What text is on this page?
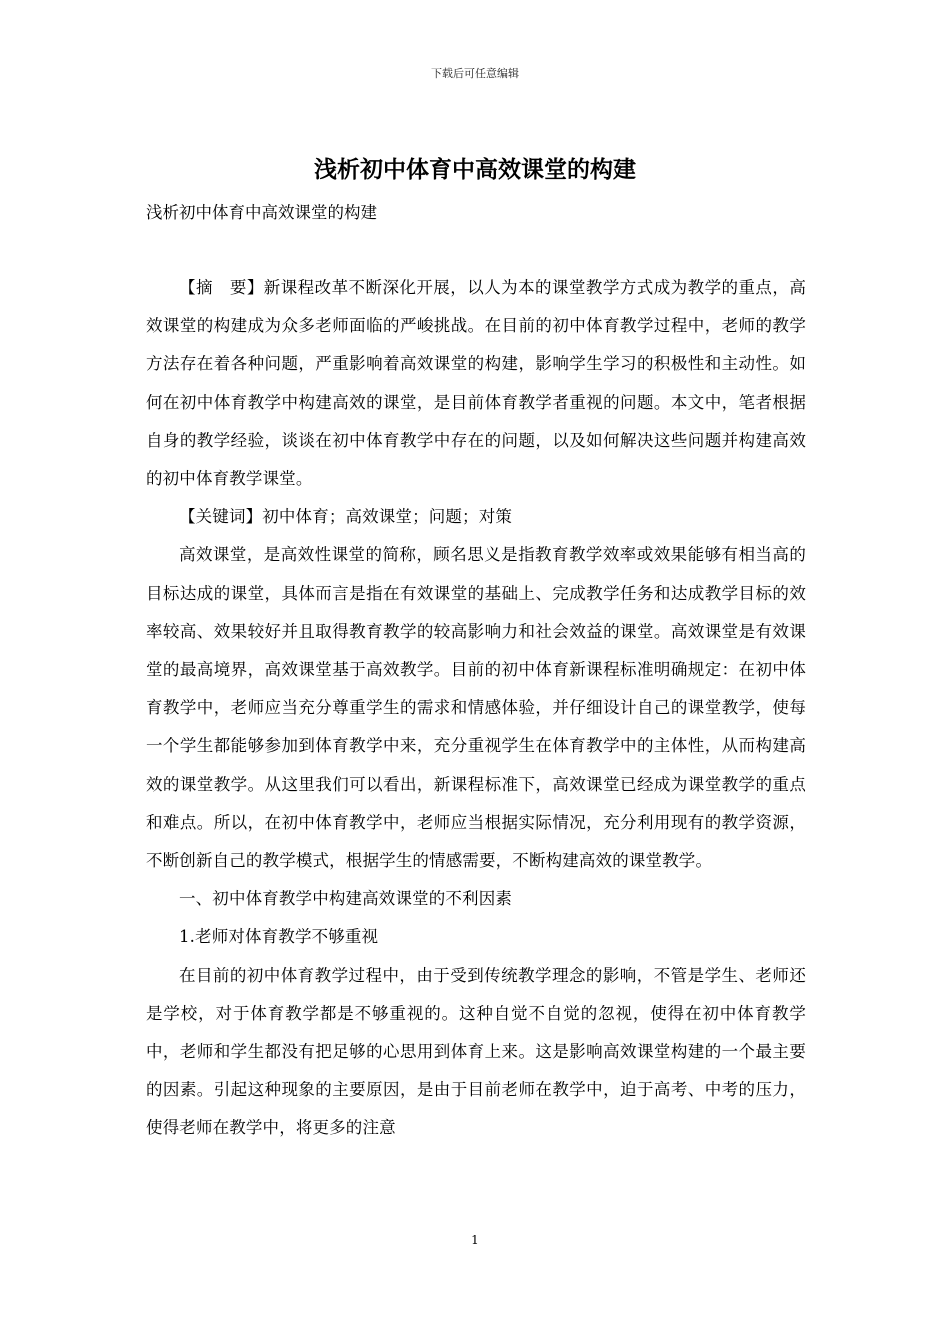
下载后可任意编辑
浅析初中体育中高效课堂的构建

浅析初中体育中高效课堂的构建

【摘　要】新课程改革不断深化开展，以人为本的课堂教学方式成为教学的重点，高效课堂的构建成为众多老师面临的严峻挑战。在目前的初中体育教学过程中，老师的教学方法存在着各种问题，严重影响着高效课堂的构建，影响学生学习的积极性和主动性。如何在初中体育教学中构建高效的课堂，是目前体育教学者重视的问题。本文中，笔者根据自身的教学经验，谈谈在初中体育教学中存在的问题，以及如何解决这些问题并构建高效的初中体育教学课堂。

【关键词】初中体育；高效课堂；问题；对策

高效课堂，是高效性课堂的简称，顾名思义是指教育教学效率或效果能够有相当高的目标达成的课堂，具体而言是指在有效课堂的基础上、完成教学任务和达成教学目标的效率较高、效果较好并且取得教育教学的较高影响力和社会效益的课堂。高效课堂是有效课堂的最高境界，高效课堂基于高效教学。目前的初中体育新课程标准明确规定：在初中体育教学中，老师应当充分尊重学生的需求和情感体验，并仔细设计自己的课堂教学，使每一个学生都能够参加到体育教学中来，充分重视学生在体育教学中的主体性，从而构建高效的课堂教学。从这里我们可以看出，新课程标准下，高效课堂已经成为课堂教学的重点和难点。所以，在初中体育教学中，老师应当根据实际情况，充分利用现有的教学资源，不断创新自己的教学模式，根据学生的情感需要，不断构建高效的课堂教学。

一、初中体育教学中构建高效课堂的不利因素

1.老师对体育教学不够重视

在目前的初中体育教学过程中，由于受到传统教学理念的影响，不管是学生、老师还是学校，对于体育教学都是不够重视的。这种自觉不自觉的忽视，使得在初中体育教学中，老师和学生都没有把足够的心思用到体育上来。这是影响高效课堂构建的一个最主要的因素。引起这种现象的主要原因，是由于目前老师在教学中，迫于高考、中考的压力，使得老师在教学中，将更多的注意

1
